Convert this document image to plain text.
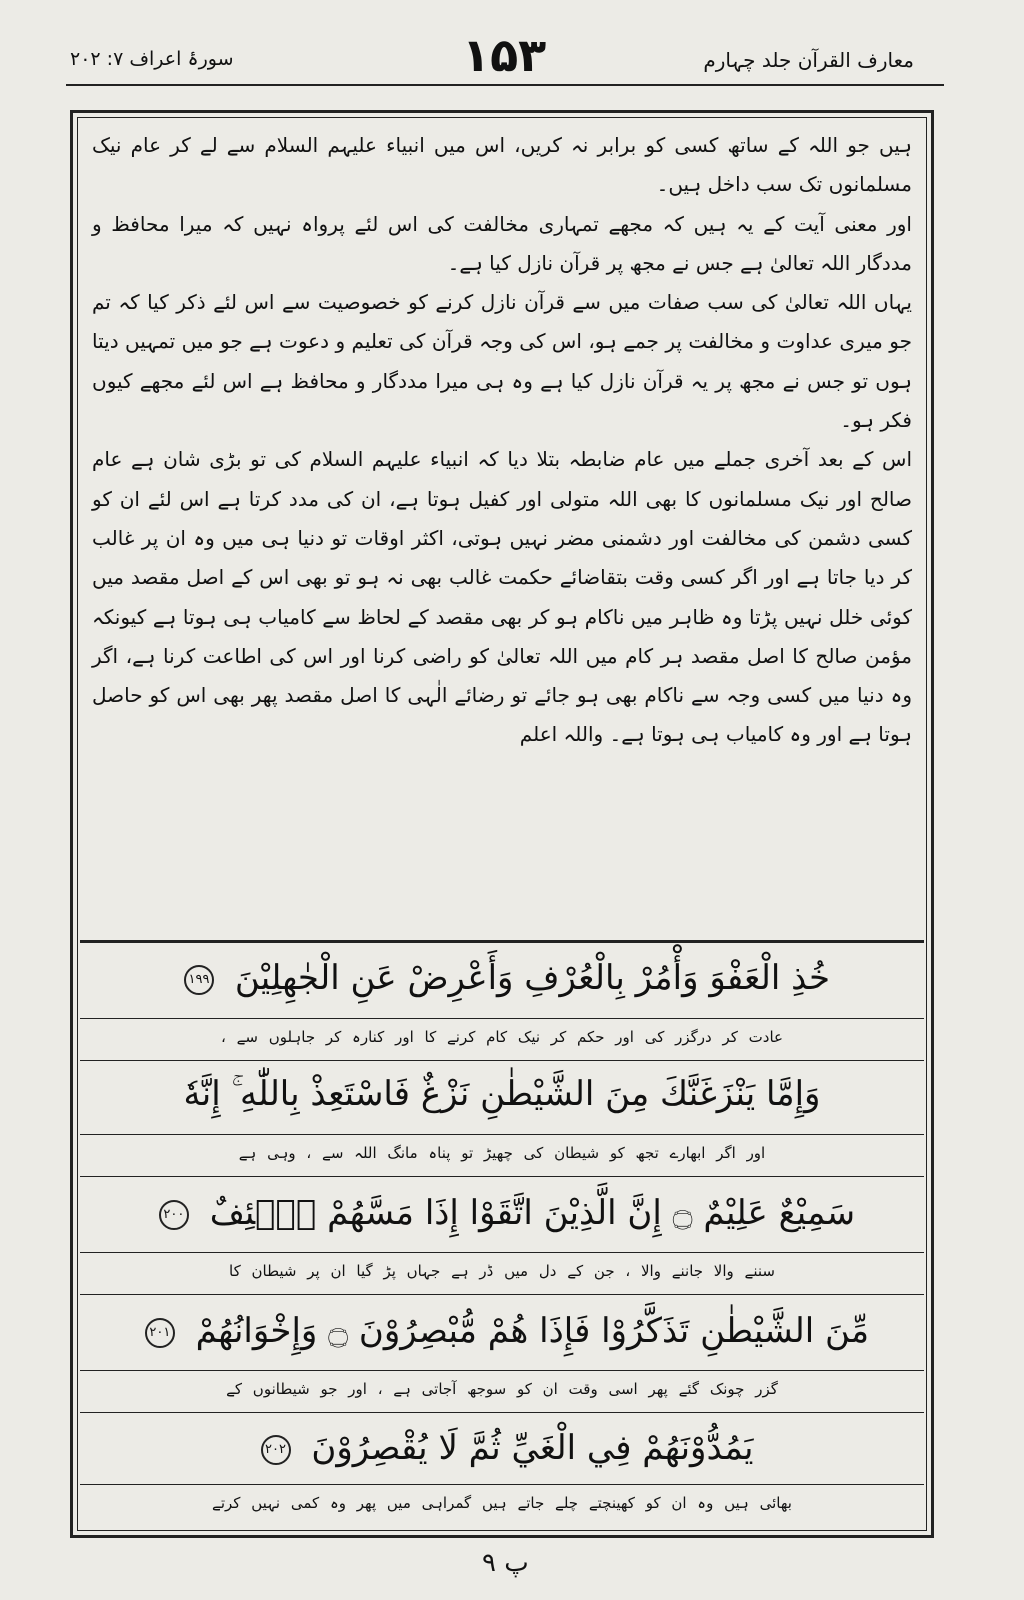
سورۂ اعراف ۷: ۲۰۲	۱۵۳	معارف القرآن جلد چہارم

ہیں جو اللہ کے ساتھ کسی کو برابر نہ کریں، اس میں انبیاء علیہم السلام سے لے کر عام نیک مسلمانوں تک سب داخل ہیں۔

اور معنی آیت کے یہ ہیں کہ مجھے تمہاری مخالفت کی اس لئے پرواہ نہیں کہ میرا محافظ و مددگار اللہ تعالیٰ ہے جس نے مجھ پر قرآن نازل کیا ہے۔

یہاں اللہ تعالیٰ کی سب صفات میں سے قرآن نازل کرنے کو خصوصیت سے اس لئے ذکر کیا کہ تم جو میری عداوت و مخالفت پر جمے ہو، اس کی وجہ قرآن کی تعلیم و دعوت ہے جو میں تمہیں دیتا ہوں تو جس نے مجھ پر یہ قرآن نازل کیا ہے وہ ہی میرا مددگار و محافظ ہے اس لئے مجھے کیوں فکر ہو۔

اس کے بعد آخری جملے میں عام ضابطہ بتلا دیا کہ انبیاء علیہم السلام کی تو بڑی شان ہے عام صالح اور نیک مسلمانوں کا بھی اللہ متولی اور کفیل ہوتا ہے، ان کی مدد کرتا ہے اس لئے ان کو کسی دشمن کی مخالفت اور دشمنی مضر نہیں ہوتی، اکثر اوقات تو دنیا ہی میں وہ ان پر غالب کر دیا جاتا ہے اور اگر کسی وقت بتقاضائے حکمت غالب بھی نہ ہو تو بھی اس کے اصل مقصد میں کوئی خلل نہیں پڑتا وہ ظاہر میں ناکام ہو کر بھی مقصد کے لحاظ سے کامیاب ہی ہوتا ہے کیونکہ مؤمن صالح کا اصل مقصد ہر کام میں اللہ تعالیٰ کو راضی کرنا اور اس کی اطاعت کرنا ہے، اگر وہ دنیا میں کسی وجہ سے ناکام بھی ہو جائے تو رضائے الٰہی کا اصل مقصد پھر بھی اس کو حاصل ہوتا ہے اور وہ کامیاب ہی ہوتا ہے۔ واللہ اعلم

خُذِ الْعَفْوَ وَأْمُرْ بِالْعُرْفِ وَأَعْرِضْ عَنِ الْجٰهِلِيْنَ ۱۹۹
عادت کر درگزر کی اور حکم کر نیک کام کرنے کا اور کنارہ کر جاہلوں سے ،
وَإِمَّا يَنْزَغَنَّكَ مِنَ الشَّيْطٰنِ نَزْغٌ فَاسْتَعِذْ بِاللّٰهِ ۚ إِنَّهٗ
اور اگر ابھارے تجھ کو شیطان کی چھیڑ تو پناہ مانگ اللہ سے ، وہی ہے
سَمِيْعٌ عَلِيْمٌ ۝ إِنَّ الَّذِيْنَ اتَّقَوْا إِذَا مَسَّهُمْ طٰۤئِفٌ ۲۰۰
سننے والا جاننے والا ، جن کے دل میں ڈر ہے جہاں پڑ گیا ان پر شیطان کا
مِّنَ الشَّيْطٰنِ تَذَكَّرُوْا فَإِذَا هُمْ مُّبْصِرُوْنَ ۝ وَإِخْوَانُهُمْ ۲۰۱
گزر چونک گئے پھر اسی وقت ان کو سوجھ آجاتی ہے ، اور جو شیطانوں کے
يَمُدُّوْنَهُمْ فِي الْغَيِّ ثُمَّ لَا يُقْصِرُوْنَ ۲۰۲
بھائی ہیں وہ ان کو کھینچتے چلے جاتے ہیں گمراہی میں پھر وہ کمی نہیں کرتے
پ ۹
